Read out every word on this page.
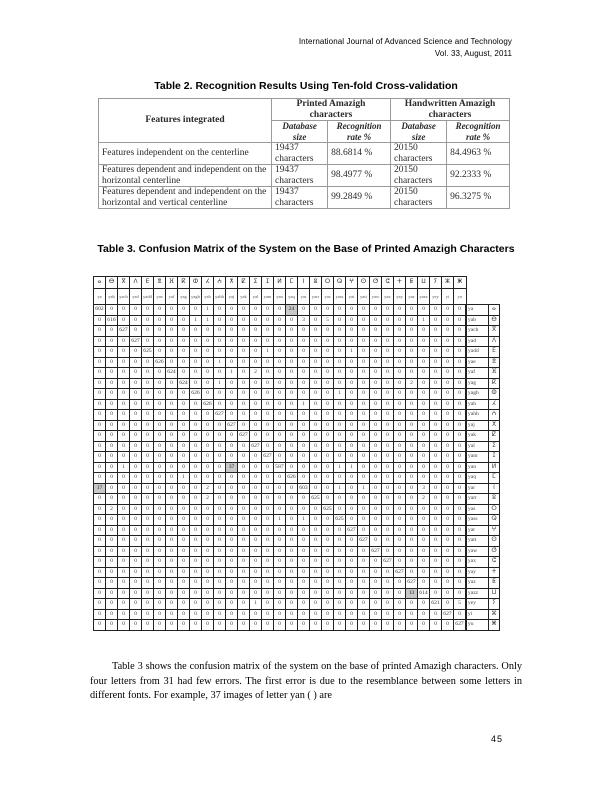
International Journal of Advanced Science and Technology
Vol. 33, August, 2011
Table 2. Recognition Results Using Ten-fold Cross-validation
Features integrated	Printed Amazigh characters		Handwritten Amazigh characters	
	Database size	Recognition rate %	Database size	Recognition rate %
Features independent on the centerline	19437 characters	88.6814 %	20150 characters	84.4963 %
Features dependent and independent on the horizontal centerline	19437 characters	98.4977 %	20150 characters	92.2333 %
Features dependent and independent on the horizontal and vertical centerline	19437 characters	99.2849 %	20150 characters	96.3275 %
Table 3. Confusion Matrix of the System on the Base of Printed Amazigh Characters
ⴰ	ⴱ	ⴳ	ⴷ	ⴹ	ⴻ	ⴼ	ⴽ	ⵀ	ⵃ	ⵄ	ⵅ	ⵇ	ⵉ	ⵊ	ⵍ	ⵎ	ⵏ	ⵓ	ⵔ	ⵕ	ⵖ	ⵙ	ⵚ	ⵛ	ⵜ	ⵟ	ⵡ	ⵢ	ⵣ	ⵥ		
ya	yab	yach	yad	yadd	yae	yaf	yag	yagh	yah	yahh	yaj	yak	yal	yam	yan	yaq	yar	yarr	yas	yass	yat	yatt	yaw	yax	yay	yaz	yazz	yey	yi	yu		
602	0	0	0	0	0	0	0	0	1	0	0	0	0	0	0	24	0	0	0	0	0	0	0	0	0	0	0	0	0	0	ya	ⴰ
0	616	0	0	0	0	0	0	1	1	0	0	0	0	0	0	0	3	0	5	0	0	0	0	0	0	0	1	0	0	0	yab	ⴱ
0	0	627	0	0	0	0	0	0	0	0	0	0	0	0	0	0	0	0	0	0	0	0	0	0	0	0	0	0	0	0	yach	ⴳ
0	0	0	627	0	0	0	0	0	0	0	0	0	0	0	0	0	0	0	0	0	0	0	0	0	0	0	0	0	0	0	yad	ⴷ
0	0	0	0	625	0	0	0	0	0	0	0	0	0	1	0	0	0	0	0	0	1	0	0	0	0	0	0	0	0	0	yadd	ⴹ
0	0	0	0	0	626	0	0	0	0	1	0	0	0	0	0	0	0	0	0	0	0	0	0	0	0	0	0	0	0	0	yae	ⴻ
0	0	0	0	0	0	624	0	0	0	0	1	0	2	0	0	0	0	0	0	0	0	0	0	0	0	0	0	0	0	0	yaf	ⴼ
0	0	0	0	0	0	0	624	0	0	1	0	0	0	0	0	0	0	0	0	0	0	0	0	0	0	2	0	0	0	0	yag	ⴽ
0	0	0	0	0	0	0	0	626	0	0	0	0	0	0	0	0	0	0	0	1	0	0	0	0	0	0	0	0	0	0	yagh	ⵀ
0	0	0	0	0	0	0	0	0	626	0	0	0	0	0	0	0	1	0	0	0	0	0	0	0	0	0	0	0	0	0	yah	ⵃ
0	0	0	0	0	0	0	0	0	0	627	0	0	0	0	0	0	0	0	0	0	0	0	0	0	0	0	0	0	0	0	yahh	ⵄ
0	0	0	0	0	0	0	0	0	0	0	627	0	0	0	0	0	0	0	0	0	0	0	0	0	0	0	0	0	0	0	yaj	ⵅ
0	0	0	0	0	0	0	0	0	0	0	0	627	0	0	0	0	0	0	0	0	0	0	0	0	0	0	0	0	0	0	yak	ⵇ
0	0	0	0	0	0	0	0	0	0	0	0	0	627	0	0	0	0	0	0	0	0	0	0	0	0	0	0	0	0	0	yal	ⵉ
0	0	0	0	0	0	0	0	0	0	0	0	0	0	627	0	0	0	0	0	0	0	0	0	0	0	0	0	0	0	0	yam	ⵊ
0	0	1	0	0	0	0	0	0	0	0	37	0	0	0	587	0	0	0	0	1	1	0	0	0	0	0	0	0	0	0	yan	ⵍ
0	0	0	0	0	0	0	1	0	0	0	0	0	0	0	0	626	0	0	0	0	0	0	0	0	0	0	0	0	0	0	yaq	ⵎ
17	0	0	0	0	0	0	0	0	2	0	0	0	0	0	0	0	603	0	0	1	0	1	0	0	0	0	3	0	0	0	yar	ⵏ
0	0	0	0	0	0	0	0	0	2	0	0	0	0	0	0	0	0	625	0	0	0	0	0	0	0	0	2	0	0	0	yarr	ⵓ
0	2	0	0	0	0	0	0	0	0	0	0	0	0	0	0	0	0	0	625	0	0	0	0	0	0	0	0	0	0	0	yas	ⵔ
0	0	0	0	0	0	0	0	0	0	0	0	0	0	0	1	0	1	0	0	625	0	0	0	0	0	0	0	0	0	0	yass	ⵕ
0	0	0	0	0	0	0	0	0	0	0	0	0	0	0	0	0	0	0	0	0	627	0	0	0	0	0	0	0	0	0	yat	ⵖ
0	0	0	0	0	0	0	0	0	0	0	0	0	0	0	0	0	0	0	0	0	0	627	0	0	0	0	0	0	0	0	yatt	ⵙ
0	0	0	0	0	0	0	0	0	0	0	0	0	0	0	0	0	0	0	0	0	0	0	627	0	0	0	0	0	0	0	yaw	ⵚ
0	0	0	0	0	0	0	0	0	0	0	0	0	0	0	0	0	0	0	0	0	0	0	0	627	0	0	0	0	0	0	yax	ⵛ
0	0	0	0	0	0	0	0	0	0	0	0	0	0	0	0	0	0	0	0	0	0	0	0	0	627	0	0	0	0	0	yay	ⵜ
0	0	0	0	0	0	0	0	0	0	0	0	0	0	0	0	0	0	0	0	0	0	0	0	0	0	627	0	0	0	0	yaz	ⵟ
0	0	0	0	0	0	0	0	0	0	0	0	0	0	0	0	0	0	0	0	0	0	0	0	0	0	13	614	0	0	0	yazz	ⵡ
0	0	0	0	0	0	0	0	0	0	0	0	0	1	0	0	0	0	0	0	0	0	0	0	0	0	0	0	621	0	5	yey	ⵢ
0	0	0	0	0	0	0	0	0	0	0	0	0	0	0	0	0	0	0	0	0	0	0	0	0	0	0	0	0	627	0	yi	ⵣ
0	0	0	0	0	0	0	0	0	0	0	0	0	0	0	0	0	0	0	0	0	0	0	0	0	0	0	0	0	0	627	yu	ⵥ
Table 3 shows the confusion matrix of the system on the base of printed Amazigh characters. Only four letters from 31 had few errors. The first error is due to the resemblance between some letters in different fonts. For example, 37 images of letter yan ( ) are
45
